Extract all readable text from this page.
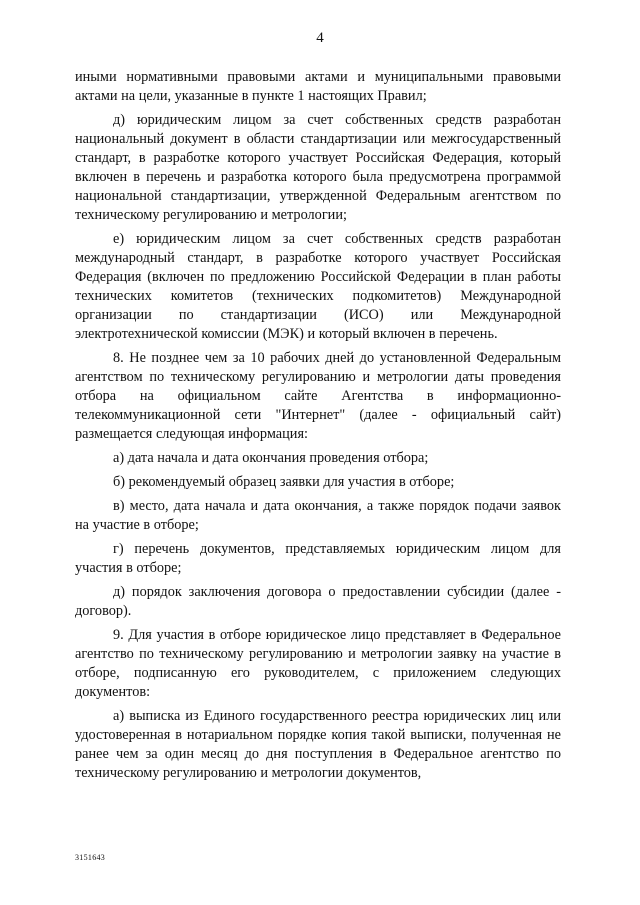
4

иными нормативными правовыми актами и муниципальными правовыми актами на цели, указанные в пункте 1 настоящих Правил;

д) юридическим лицом за счет собственных средств разработан национальный документ в области стандартизации или межгосударственный стандарт, в разработке которого участвует Российская Федерация, который включен в перечень и разработка которого была предусмотрена программой национальной стандартизации, утвержденной Федеральным агентством по техническому регулированию и метрологии;

е) юридическим лицом за счет собственных средств разработан международный стандарт, в разработке которого участвует Российская Федерация (включен по предложению Российской Федерации в план работы технических комитетов (технических подкомитетов) Международной организации по стандартизации (ИСО) или Международной электротехнической комиссии (МЭК) и который включен в перечень.

8. Не позднее чем за 10 рабочих дней до установленной Федеральным агентством по техническому регулированию и метрологии даты проведения отбора на официальном сайте Агентства в информационно-телекоммуникационной сети "Интернет" (далее - официальный сайт) размещается следующая информация:

а) дата начала и дата окончания проведения отбора;

б) рекомендуемый образец заявки для участия в отборе;

в) место, дата начала и дата окончания, а также порядок подачи заявок на участие в отборе;

г) перечень документов, представляемых юридическим лицом для участия в отборе;

д) порядок заключения договора о предоставлении субсидии (далее - договор).

9. Для участия в отборе юридическое лицо представляет в Федеральное агентство по техническому регулированию и метрологии заявку на участие в отборе, подписанную его руководителем, с приложением следующих документов:

а) выписка из Единого государственного реестра юридических лиц или удостоверенная в нотариальном порядке копия такой выписки, полученная не ранее чем за один месяц до дня поступления в Федеральное агентство по техническому регулированию и метрологии документов,

3151643
